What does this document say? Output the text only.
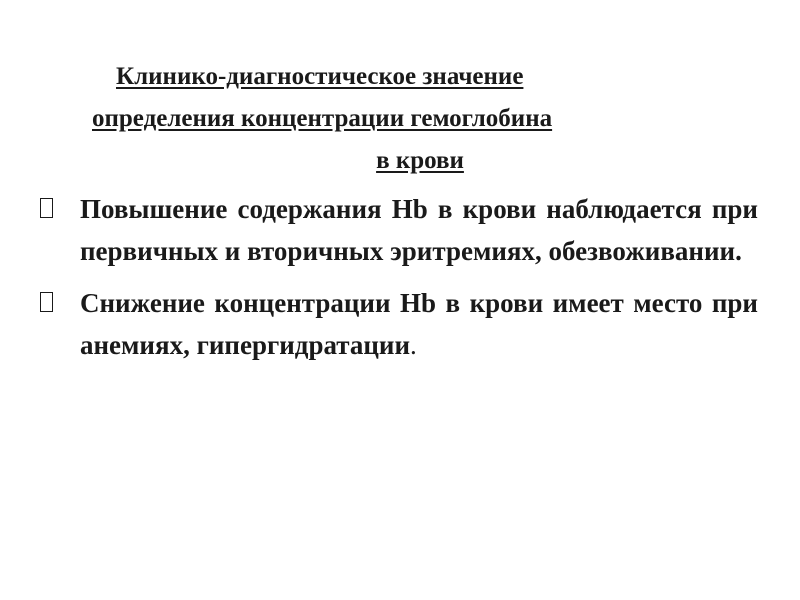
Клинико-диагностическое значение
определения концентрации гемоглобина
в крови
Повышение содержания Hb в крови наблюдается при первичных и вторичных эритремиях, обезвоживании.
Снижение концентрации Hb в крови имеет место при анемиях, гипергидратации.
